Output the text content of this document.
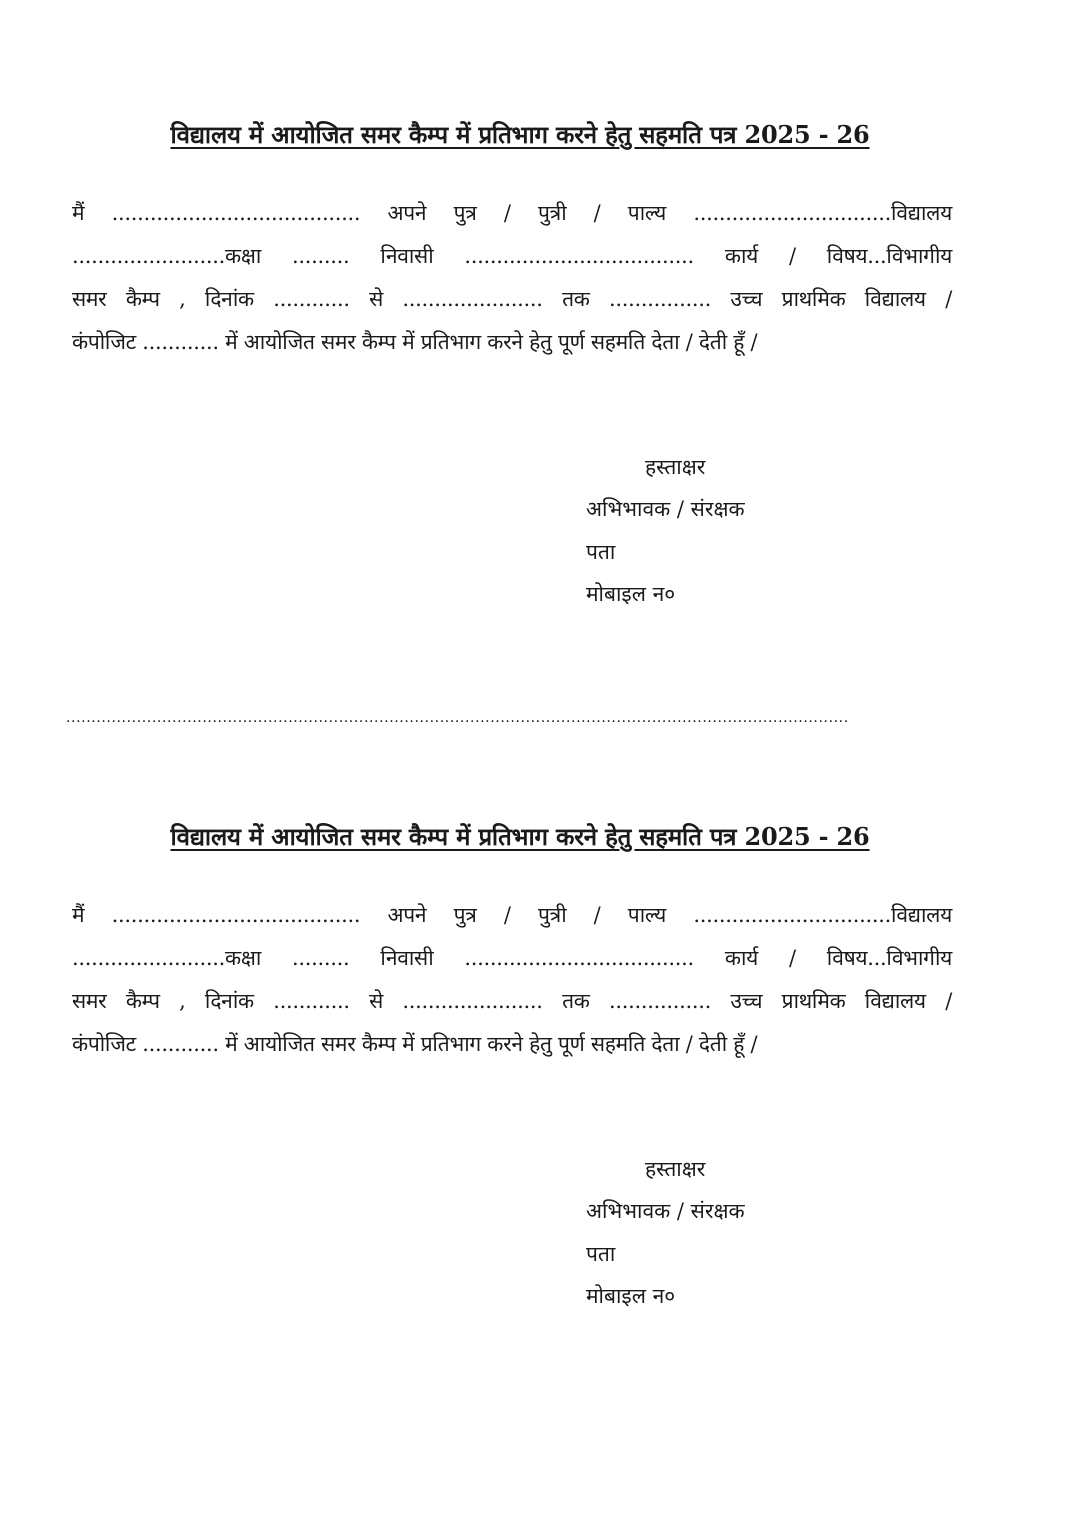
विद्यालय में आयोजित समर कैम्प में प्रतिभाग करने हेतु सहमति पत्र 2025 - 26
मैं ....................................... अपने पुत्र / पुत्री / पाल्य ...............................विद्यालय
........................कक्षा ......... निवासी .................................... कार्य / विषय...विभागीय
समर कैम्प , दिनांक ............ से ...................... तक ................ उच्च प्राथमिक विद्यालय /
कंपोजिट ............ में आयोजित समर कैम्प में प्रतिभाग करने हेतु पूर्ण सहमति देता / देती हूँ /
हस्ताक्षर
अभिभावक / संरक्षक
पता
मोबाइल न०
...........................................................................................................................................................
विद्यालय में आयोजित समर कैम्प में प्रतिभाग करने हेतु सहमति पत्र 2025 - 26
मैं ....................................... अपने पुत्र / पुत्री / पाल्य ...............................विद्यालय
........................कक्षा ......... निवासी .................................... कार्य / विषय...विभागीय
समर कैम्प , दिनांक ............ से ...................... तक ................ उच्च प्राथमिक विद्यालय /
कंपोजिट ............ में आयोजित समर कैम्प में प्रतिभाग करने हेतु पूर्ण सहमति देता / देती हूँ /
हस्ताक्षर
अभिभावक / संरक्षक
पता
मोबाइल न०
